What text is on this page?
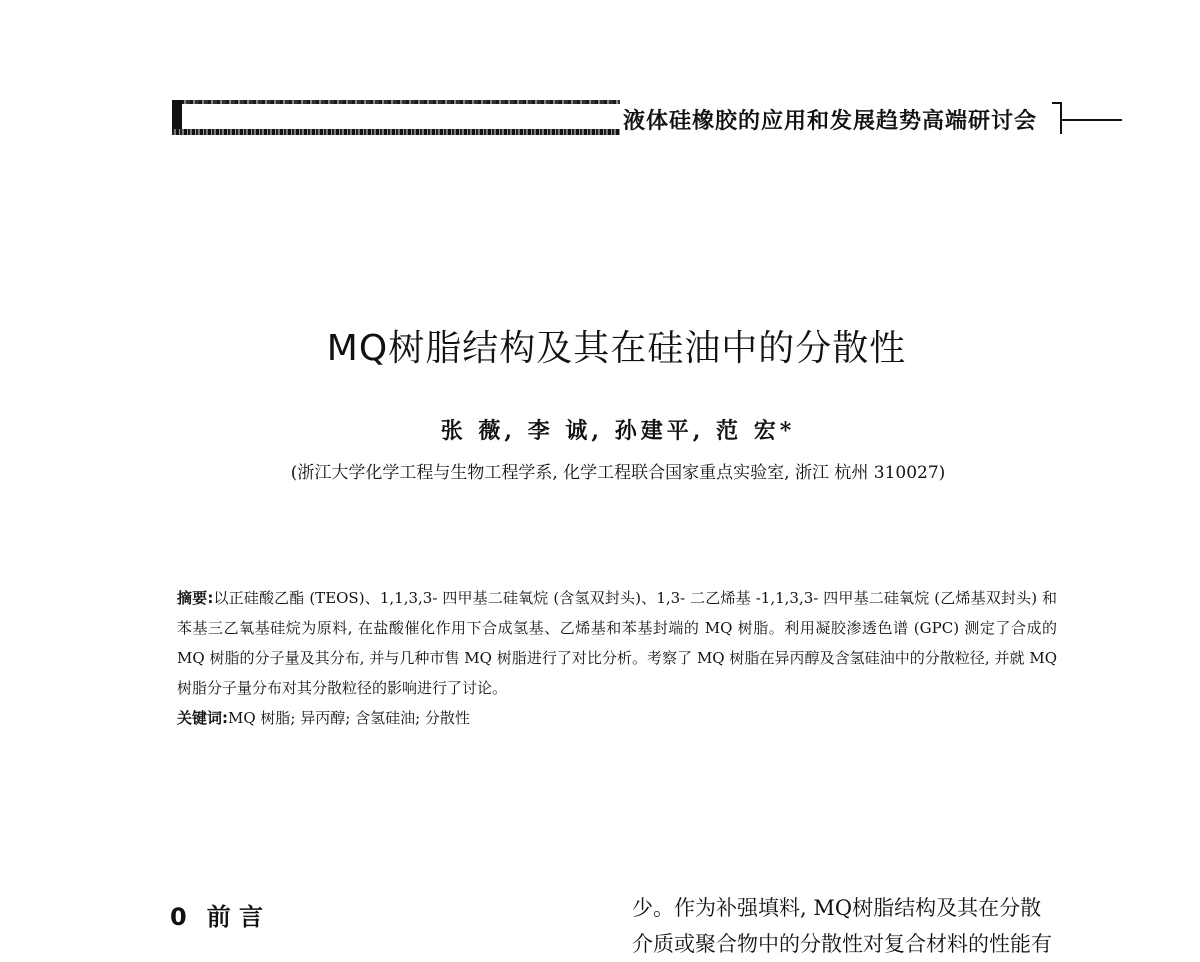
液体硅橡胶的应用和发展趋势高端研讨会
MQ树脂结构及其在硅油中的分散性
张 薇, 李 诚, 孙建平, 范 宏*
(浙江大学化学工程与生物工程学系, 化学工程联合国家重点实验室, 浙江 杭州 310027)

摘要:以正硅酸乙酯 (TEOS)、1,1,3,3- 四甲基二硅氧烷 (含氢双封头)、1,3- 二乙烯基 -1,1,3,3- 四甲基二硅氧烷 (乙烯基双封头) 和苯基三乙氧基硅烷为原料, 在盐酸催化作用下合成氢基、乙烯基和苯基封端的 MQ 树脂。利用凝胶渗透色谱 (GPC) 测定了合成的 MQ 树脂的分子量及其分布, 并与几种市售 MQ 树脂进行了对比分析。考察了 MQ 树脂在异丙醇及含氢硅油中的分散粒径, 并就 MQ 树脂分子量分布对其分散粒径的影响进行了讨论。

关键词:MQ 树脂; 异丙醇; 含氢硅油; 分散性

0 前 言	少。作为补强填料, MQ树脂结构及其在分散

介质或聚合物中的分散性对复合材料的性能有
